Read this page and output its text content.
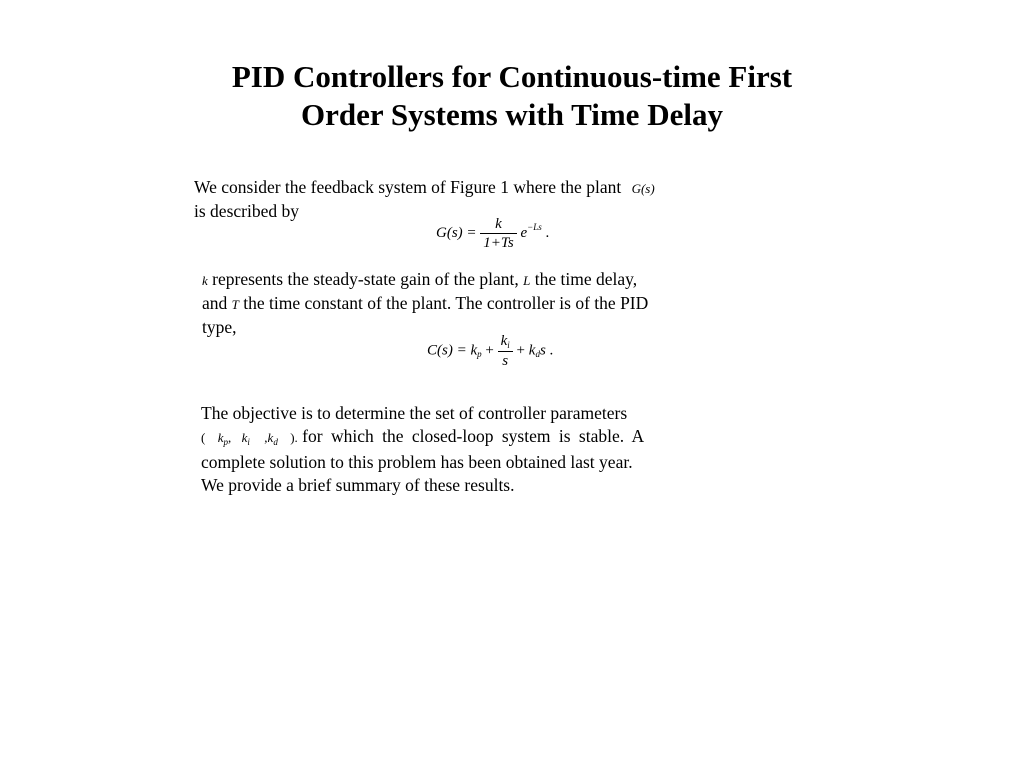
PID Controllers for Continuous-time First
Order Systems with Time Delay
We consider the feedback system of Figure 1 where the plant G(s)
is described by
$G(s) = \frac{k}{1+Ts} e^{-Ls}$ .
k represents the steady-state gain of the plant, L the time delay,
and T the time constant of the plant. The controller is of the PID
type,
$C(s) = k_p + \frac{k_i}{s} + k_ds$ .
The objective is to determine the set of controller parameters
( kp, ki ,kd ). for which the closed-loop system is stable. A
complete solution to this problem has been obtained last year.
We provide a brief summary of these results.
